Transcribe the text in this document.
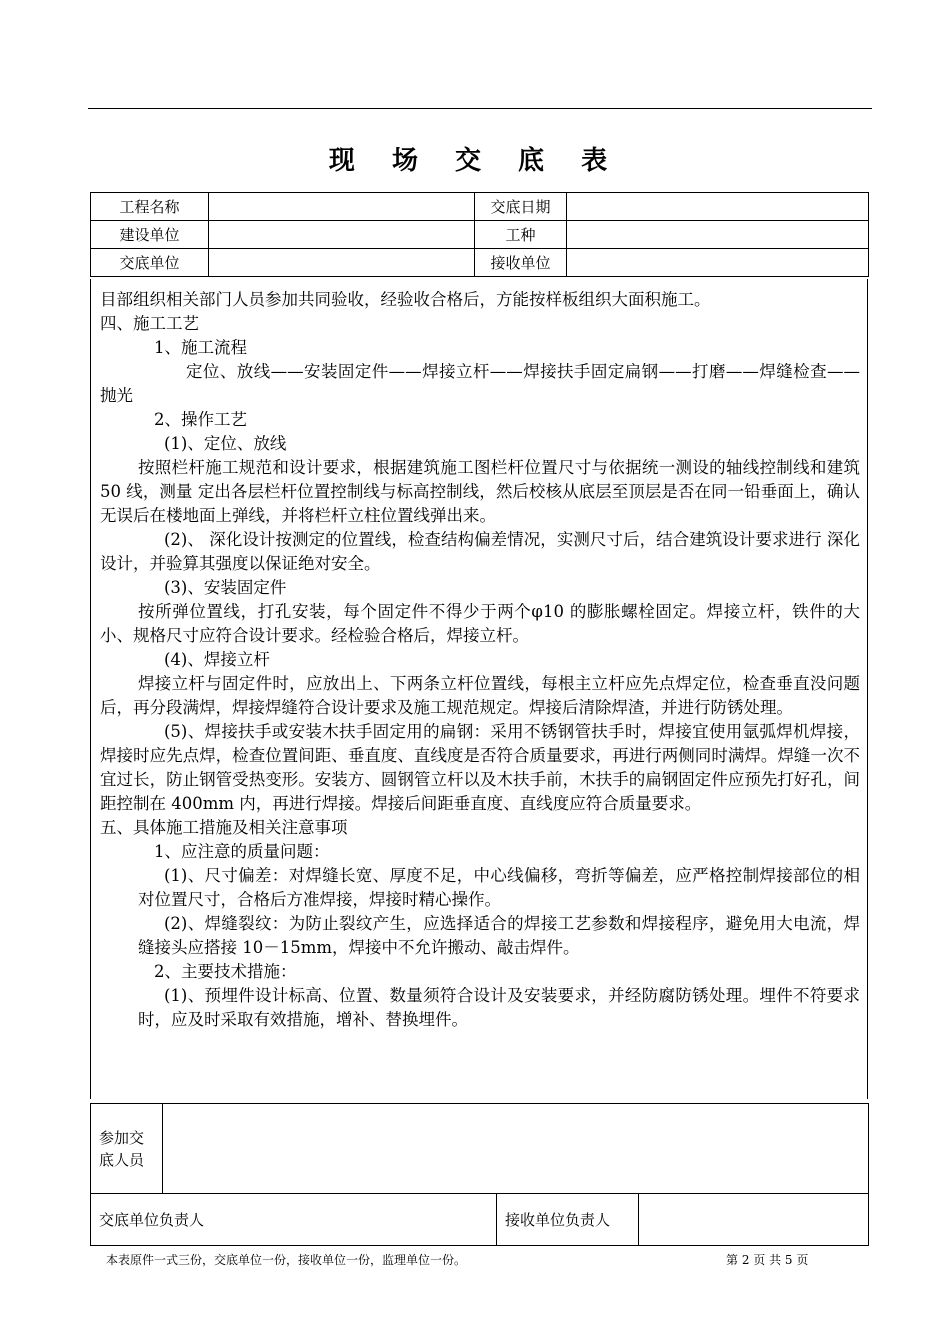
现 场 交 底 表
工程名称		交底日期	
建设单位		工种	
交底单位		接收单位	

目部组织相关部门人员参加共同验收，经验收合格后，方能按样板组织大面积施工。

四、施工工艺

1、施工流程

定位、放线——安装固定件——焊接立杆——焊接扶手固定扁钢——打磨——焊缝检查——抛光

2、操作工艺

(1)、定位、放线

按照栏杆施工规范和设计要求，根据建筑施工图栏杆位置尺寸与依据统一测设的轴线控制线和建筑 50 线，测量 定出各层栏杆位置控制线与标高控制线，然后校核从底层至顶层是否在同一铅垂面上，确认无误后在楼地面上弹线，并将栏杆立柱位置线弹出来。

(2)、 深化设计按测定的位置线，检查结构偏差情况，实测尺寸后，结合建筑设计要求进行 深化设计，并验算其强度以保证绝对安全。

(3)、安装固定件

按所弹位置线，打孔安装，每个固定件不得少于两个φ10 的膨胀螺栓固定。焊接立杆，铁件的大小、规格尺寸应符合设计要求。经检验合格后，焊接立杆。

(4)、焊接立杆

焊接立杆与固定件时，应放出上、下两条立杆位置线，每根主立杆应先点焊定位，检查垂直没问题后，再分段满焊，焊接焊缝符合设计要求及施工规范规定。焊接后清除焊渣，并进行防锈处理。

(5)、焊接扶手或安装木扶手固定用的扁钢：采用不锈钢管扶手时，焊接宜使用氩弧焊机焊接，焊接时应先点焊，检查位置间距、垂直度、直线度是否符合质量要求，再进行两侧同时满焊。焊缝一次不宜过长，防止钢管受热变形。安装方、圆钢管立杆以及木扶手前，木扶手的扁钢固定件应预先打好孔，间距控制在 400mm 内，再进行焊接。焊接后间距垂直度、直线度应符合质量要求。

五、具体施工措施及相关注意事项

1、应注意的质量问题：

(1)、尺寸偏差：对焊缝长宽、厚度不足，中心线偏移，弯折等偏差，应严格控制焊接部位的相对位置尺寸，合格后方准焊接，焊接时精心操作。

(2)、焊缝裂纹：为防止裂纹产生，应选择适合的焊接工艺参数和焊接程序，避免用大电流，焊缝接头应搭接 10－15mm，焊接中不允许搬动、敲击焊件。

2、主要技术措施：

(1)、预埋件设计标高、位置、数量须符合设计及安装要求，并经防腐防锈处理。埋件不符要求时，应及时采取有效措施，增补、替换埋件。

参加交
底人员			
交底单位负责人		接收单位负责人	
本表原件一式三份，交底单位一份，接收单位一份，监理单位一份。	第 2 页 共 5 页
